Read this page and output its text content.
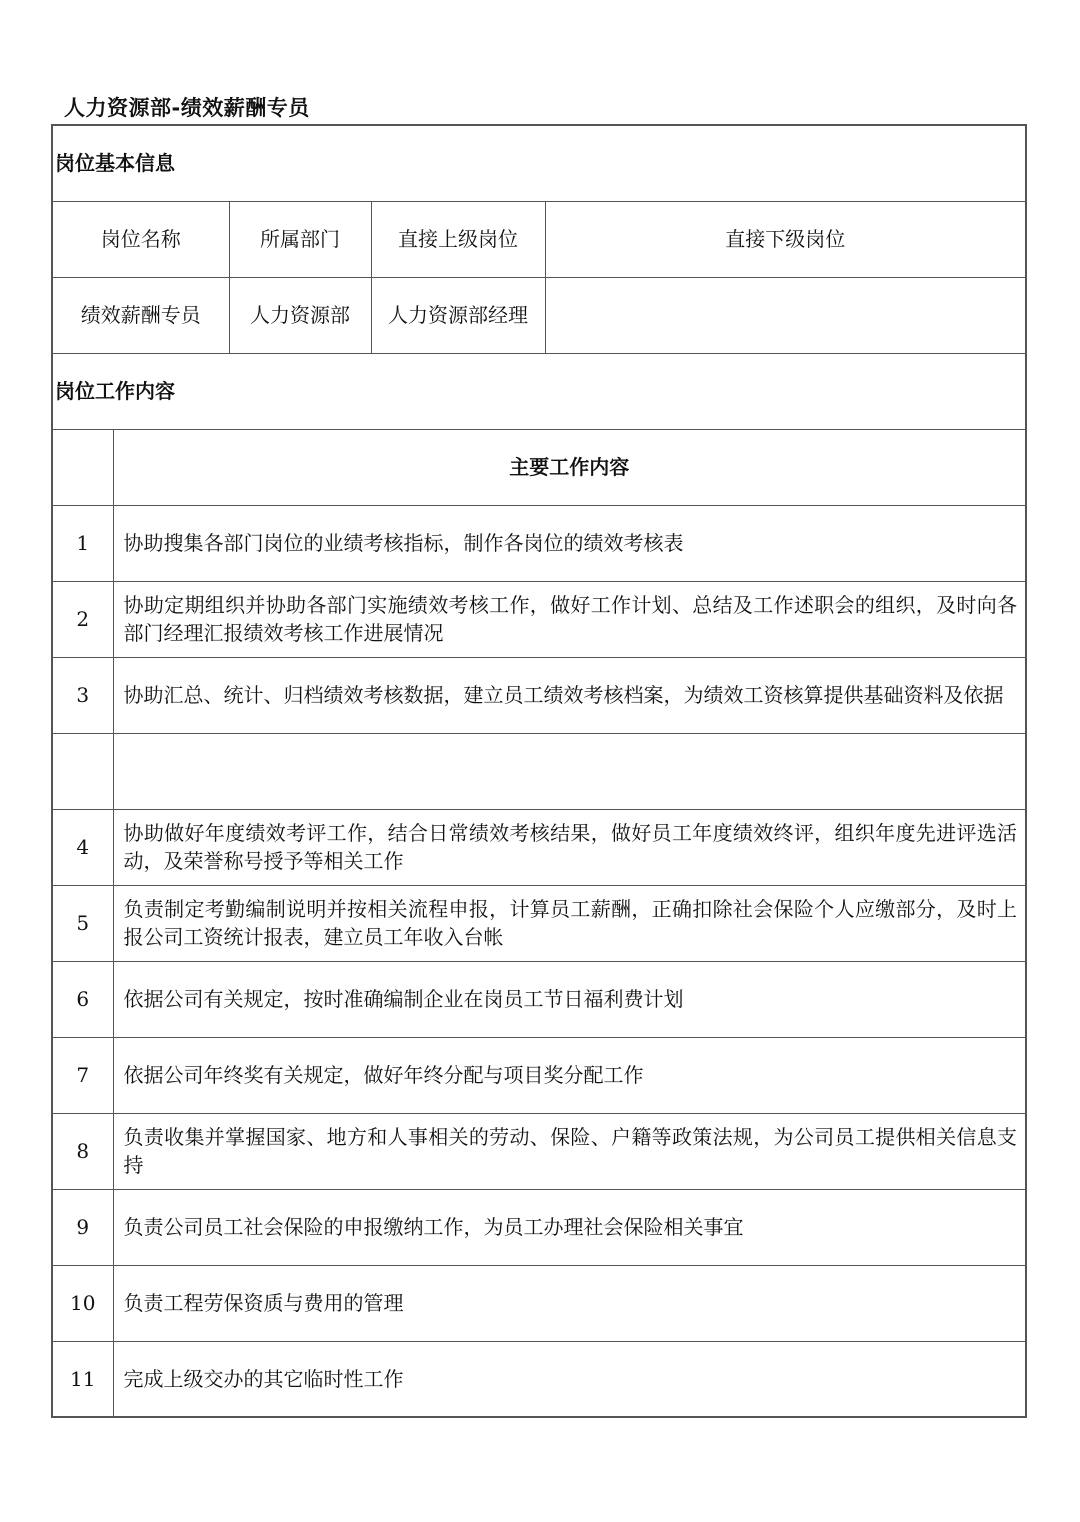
人力资源部-绩效薪酬专员
岗位基本信息				
岗位名称		所属部门	直接上级岗位	直接下级岗位
绩效薪酬专员		人力资源部	人力资源部经理	
岗位工作内容				
	主要工作内容			
1	协助搜集各部门岗位的业绩考核指标，制作各岗位的绩效考核表			
2	协助定期组织并协助各部门实施绩效考核工作，做好工作计划、总结及工作述职会的组织，及时向各部门经理汇报绩效考核工作进展情况			
3	协助汇总、统计、归档绩效考核数据，建立员工绩效考核档案，为绩效工资核算提供基础资料及依据			

4	协助做好年度绩效考评工作，结合日常绩效考核结果，做好员工年度绩效终评，组织年度先进评选活动，及荣誉称号授予等相关工作			
5	负责制定考勤编制说明并按相关流程申报，计算员工薪酬，正确扣除社会保险个人应缴部分，及时上报公司工资统计报表，建立员工年收入台帐			
6	依据公司有关规定，按时准确编制企业在岗员工节日福利费计划			
7	依据公司年终奖有关规定，做好年终分配与项目奖分配工作			
8	负责收集并掌握国家、地方和人事相关的劳动、保险、户籍等政策法规，为公司员工提供相关信息支持			
9	负责公司员工社会保险的申报缴纳工作，为员工办理社会保险相关事宜			
10	负责工程劳保资质与费用的管理			
11	完成上级交办的其它临时性工作			
